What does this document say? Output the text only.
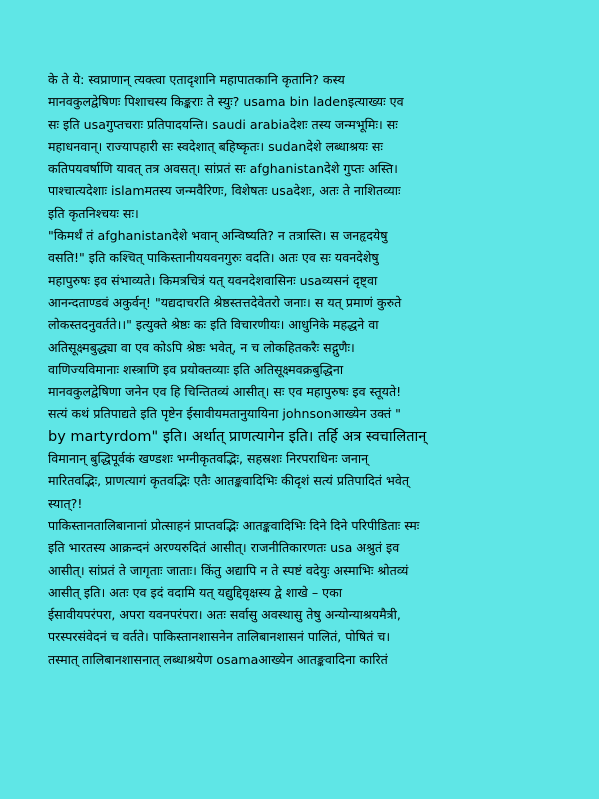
के ते ये: स्वप्राणान् त्यक्त्वा एतादृशानि महापातकानि कृतानि? कस्य
मानवकुलद्वेषिणः पिशाचस्य किङ्कराः ते स्युः? usama bin ladenइत्याख्यः एव
सः इति usaगुप्तचराः प्रतिपादयन्ति। saudi arabiaदेशः तस्य जन्मभूमिः। सः
महाधनवान्। राज्यापहारी सः स्वदेशात् बहिष्कृतः। sudanदेशे लब्धाश्रयः सः
कतिपयवर्षाणि यावत् तत्र अवसत्। सांप्रतं सः afghanistanदेशे गुप्तः अस्ति।
पाश्चात्यदेशाः islamमतस्य जन्मवैरिणः, विशेषतः usaदेशः, अतः ते नाशितव्याः
इति कृतनिश्चयः सः।
"किमर्थं तं afghanistanदेशे भवान् अन्विष्यति? न तत्रास्ति। स जनहृदयेषु
वसति!" इति कश्चित् पाकिस्तानीययवनगुरुः वदति। अतः एव सः यवनदेशेषु
महापुरुषः इव संभाव्यते। किमत्रचित्रं यत् यवनदेशवासिनः usaव्यसनं दृष्ट्वा
आनन्दताण्डवं अकुर्वन्! "यद्यदाचरति श्रेष्ठस्तत्तदेवेतरो जनाः। स यत् प्रमाणं कुरुते
लोकस्तदनुवर्तते।।" इत्युक्ते श्रेष्ठः कः इति विचारणीयः। आधुनिके महद्धने वा
अतिसूक्ष्मबुद्ध्या वा एव कोऽपि श्रेष्ठः भवेत्, न च लोकहितकरैः सद्गुणैः।
वाणिज्यविमानाः शस्त्राणि इव प्रयोक्तव्याः इति अतिसूक्ष्मवक्रबुद्धिना
मानवकुलद्वेषिणा जनेन एव हि चिन्तितव्यं आसीत्। सः एव महापुरुषः इव स्तूयते!
सत्यं कथं प्रतिपाद्यते इति पृष्टेन ईसावीयमतानुयायिना johnsonआख्येन उक्तं "
by martyrdom" इति। अर्थात् प्राणत्यागेन इति। तर्हि अत्र स्वचालितान्
विमानान् बुद्धिपूर्वकं खण्डशः भग्नीकृतवद्भिः, सहस्रशः निरपराधिनः जनान्
मारितवद्भिः, प्राणत्यागं कृतवद्भिः एतैः आतङ्कवादिभिः कीदृशं सत्यं प्रतिपादितं भवेत्
स्यात्?!
पाकिस्तानतालिबानानां प्रोत्साहनं प्राप्तवद्भिः आतङ्कवादिभिः दिने दिने परिपीडिताः स्मः
इति भारतस्य आक्रन्दनं अरण्यरुदितं आसीत्। राजनीतिकारणतः usa अश्रुतं इव
आसीत्। सांप्रतं ते जागृताः जाताः। किंतु अद्यापि न ते स्पष्टं वदेयुः अस्माभिः श्रोतव्यं
आसीत् इति। अतः एव इदं वदामि यत् यद्युद्दिवृक्षस्य द्वे शाखे – एका
ईसावीयपरंपरा, अपरा यवनपरंपरा। अतः सर्वासु अवस्थासु तेषु अन्योन्याश्रयमैत्री,
परस्परसंवेदनं च वर्तते। पाकिस्तानशासनेन तालिबानशासनं पालितं, पोषितं च।
तस्मात् तालिबानशासनात् लब्धाश्रयेण osamaआख्येन आतङ्कवादिना कारितं
